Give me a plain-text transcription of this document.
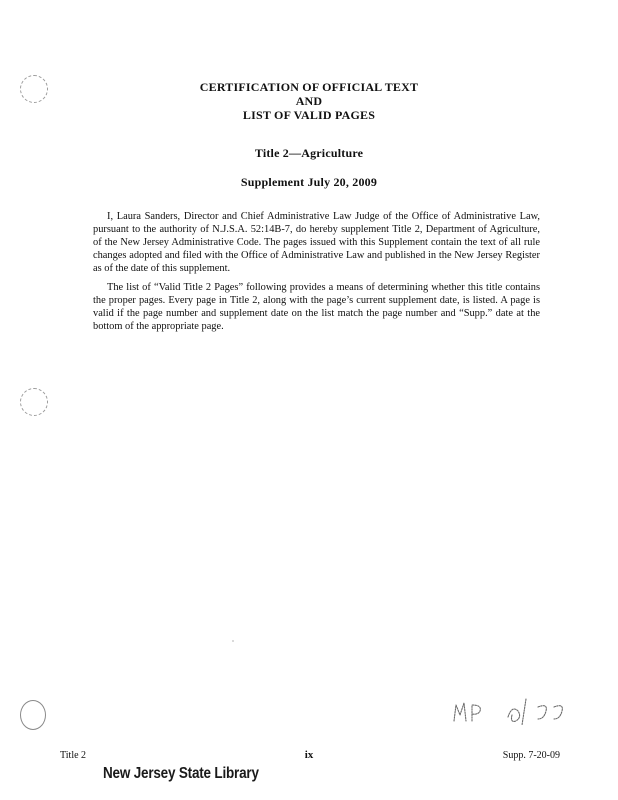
CERTIFICATION OF OFFICIAL TEXT
AND
LIST OF VALID PAGES
Title 2—Agriculture
Supplement July 20, 2009

I, Laura Sanders, Director and Chief Administrative Law Judge of the Office of Administrative Law, pursuant to the authority of N.J.S.A. 52:14B-7, do hereby supplement Title 2, Department of Agriculture, of the New Jersey Administrative Code. The pages issued with this Supplement contain the text of all rule changes adopted and filed with the Office of Administrative Law and published in the New Jersey Register as of the date of this supplement.

The list of “Valid Title 2 Pages” following provides a means of determining whether this title contains the proper pages. Every page in Title 2, along with the page’s current supplement date, is listed. A page is valid if the page number and supplement date on the list match the page number and “Supp.” date at the bottom of the appropriate page.

Title 2	ix	Supp. 7-20-09
New Jersey State Library
